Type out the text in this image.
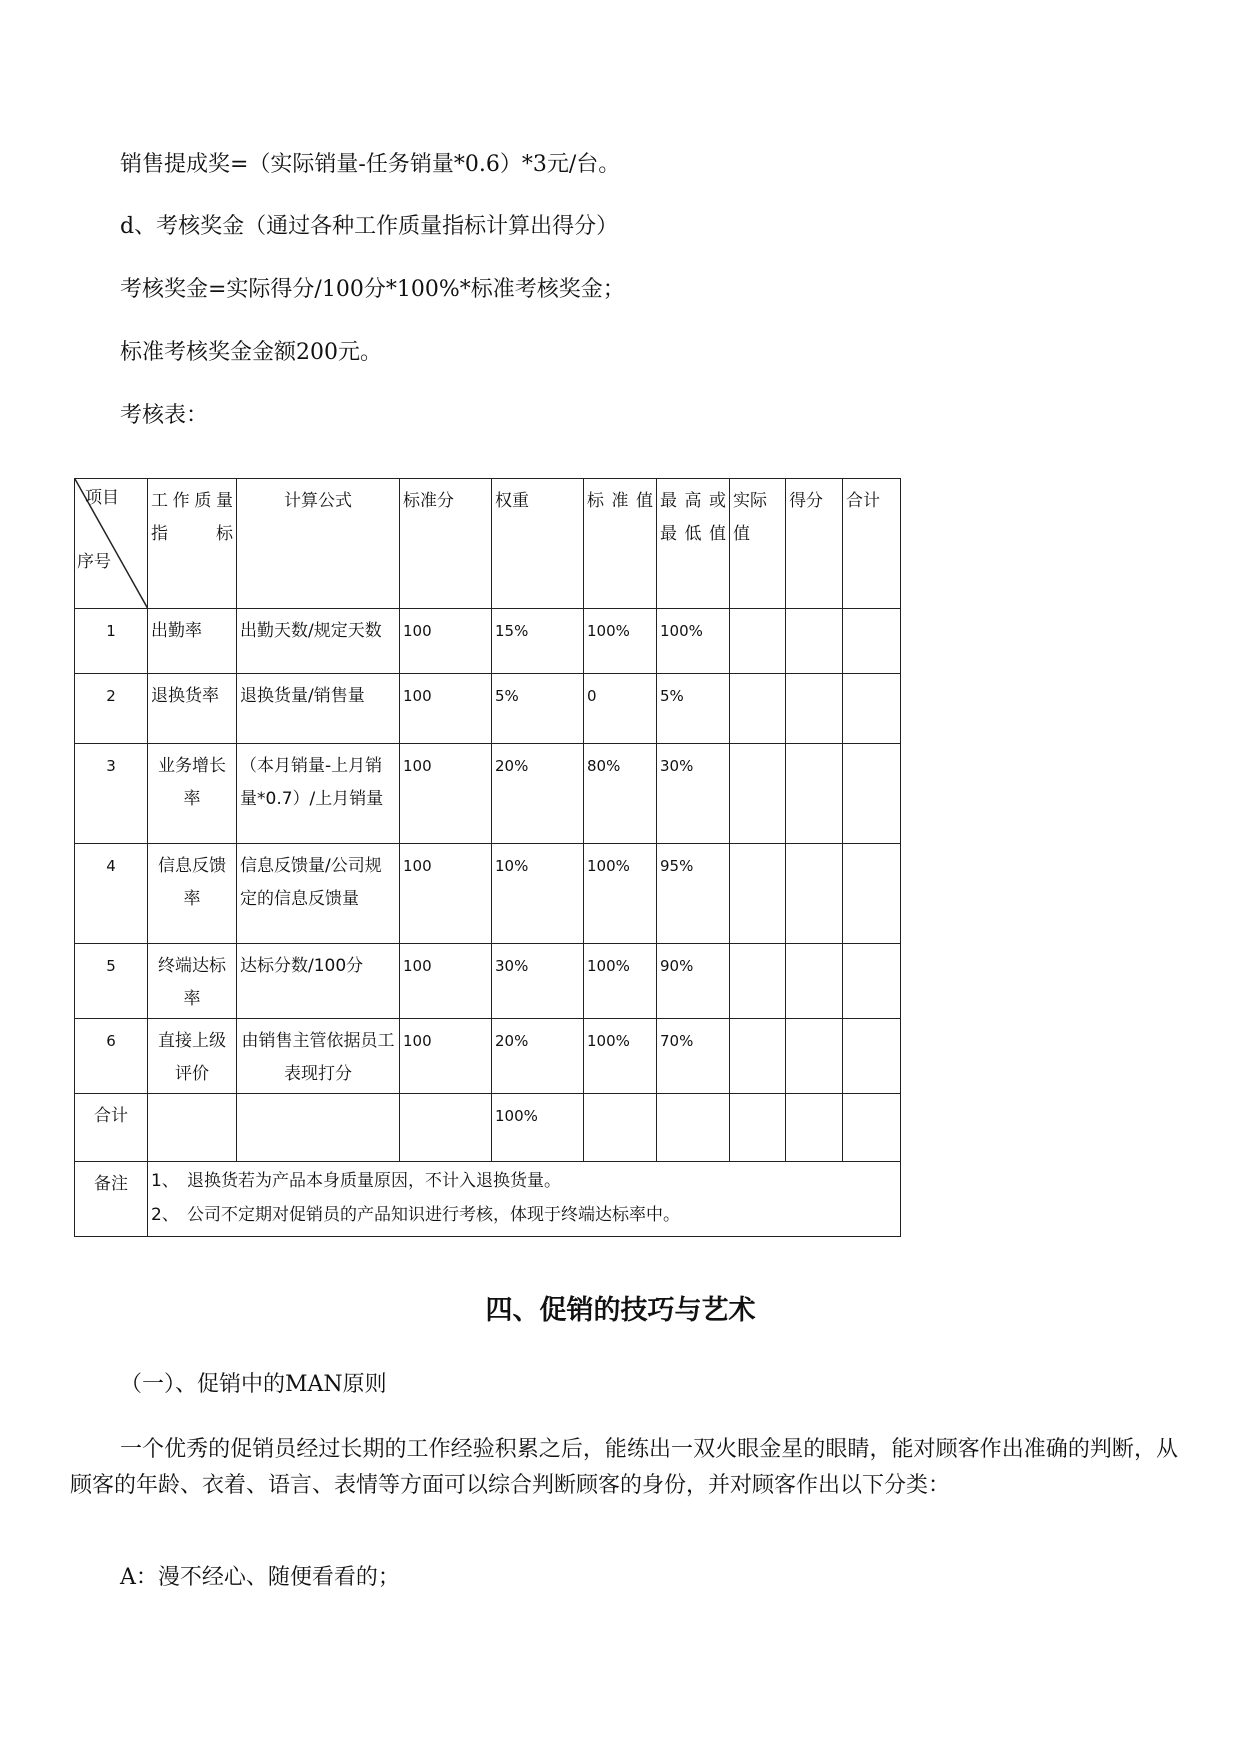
销售提成奖=（实际销量-任务销量*0.6）*3元/台。

d、考核奖金（通过各种工作质量指标计算出得分）

考核奖金=实际得分/100分*100%*标准考核奖金；

标准考核奖金金额200元。

考核表：

项目
序号	工作质量指标	计算公式	标准分	权重	标准值	最高或最低值	实际值	得分	合计
1	出勤率	出勤天数/规定天数	100	15%	100%	100%			
2	退换货率	退换货量/销售量	100	5%	0	5%			
3	业务增长率	（本月销量-上月销量*0.7）/上月销量	100	20%	80%	30%			
4	信息反馈率	信息反馈量/公司规定的信息反馈量	100	10%	100%	95%			
5	终端达标率	达标分数/100分	100	30%	100%	90%			
6	直接上级评价	由销售主管依据员工表现打分	100	20%	100%	70%			
合计				100%					
备注	1、 退换货若为产品本身质量原因，不计入退换货量。
2、 公司不定期对促销员的产品知识进行考核，体现于终端达标率中。								
四、促销的技巧与艺术

（一）、促销中的MAN原则

一个优秀的促销员经过长期的工作经验积累之后，能练出一双火眼金星的眼睛，能对顾客作出准确的判断，从顾客的年龄、衣着、语言、表情等方面可以综合判断顾客的身份，并对顾客作出以下分类：

A：漫不经心、随便看看的；
